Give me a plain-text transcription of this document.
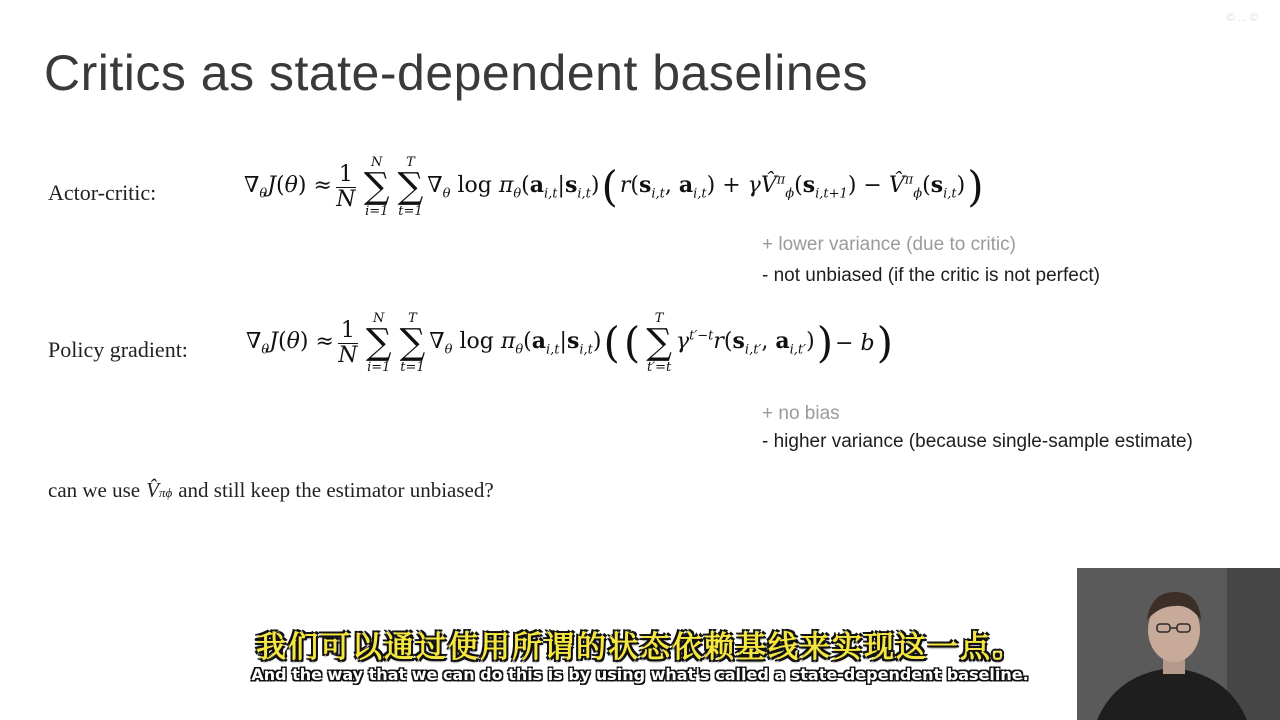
Critics as state-dependent baselines
© ... ©
Actor-critic:	$\nabla_\theta J(\theta) \approx \frac{1}{N}$
N
∑
i=1
T
∑
t=1
$\nabla_\theta$ $\log \pi_\theta(a_{i,t}|s_{i,t})$ ( $r(s_{i,t}$, $a_{i,t}$) + $\gamma V̂^\pi_\phi(s_{i,t+1})$ − $V̂^\pi_\phi(s_{i,t})$ )
+ lower variance (due to critic)
- not unbiased (if the critic is not perfect)
Policy gradient:	$\nabla_\theta J(\theta) \approx \frac{1}{N}$
N
∑
i=1
T
∑
t=1
$\nabla_\theta$ $\log \pi_\theta(a_{i,t}|s_{i,t})$ ( ( T
∑
t′=t
$\gamma^{t'-t}r(s_{i,t'}$, $a_{i,t'}$) ) − b )
+ no bias
- higher variance (because single-sample estimate)
can we use V̂ π ϕ and still keep the estimator unbiased?
我们可以通过使用所谓的状态依赖基线来实现这一点。
And the way that we can do this is by using what's called a state-dependent baseline.
